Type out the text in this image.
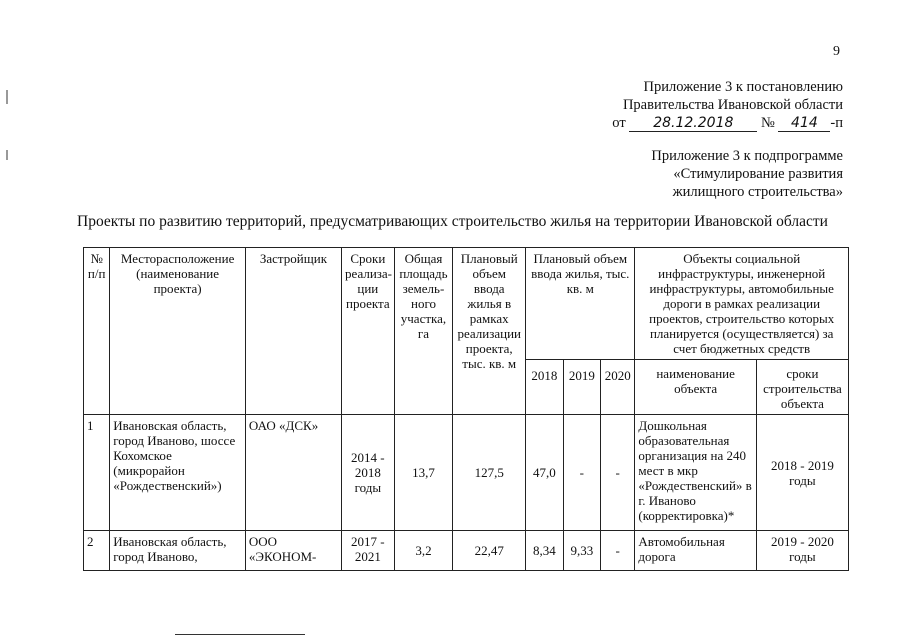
9
Приложение 3 к постановлению
Правительства Ивановской области
от 28.12.2018 № 414 -п
Приложение 3 к подпрограмме
«Стимулирование развития
жилищного строительства»
Проекты по развитию территорий, предусматривающих строительство жилья на территории Ивановской области
№ п/п	Месторасположение (наименование проекта)	Застройщик	Сроки реализа- ции проекта	Общая площадь земель- ного участка, га	Плановый объем ввода жилья в рамках реализации проекта, тыс. кв. м	Плановый объем ввода жилья, тыс. кв. м			Объекты социальной инфраструктуры, инженерной инфраструктуры, автомобильные дороги в рамках реализации проектов, строительство которых планируется (осуществляется) за счет бюджетных средств	
						2018	2019	2020	наименование объекта	сроки строительства объекта
1	Ивановская область, город Иваново, шоссе Кохомское (микрорайон «Рождественский»)	ОАО «ДСК»	2014 - 2018 годы	13,7	127,5	47,0	-	-	Дошкольная образовательная организация на 240 мест в мкр «Рождественский» в г. Иваново (корректировка)*	2018 - 2019 годы
2	Ивановская область, город Иваново,	ООО «ЭКОНОМ-	2017 - 2021	3,2	22,47	8,34	9,33	-	Автомобильная дорога	2019 - 2020 годы
